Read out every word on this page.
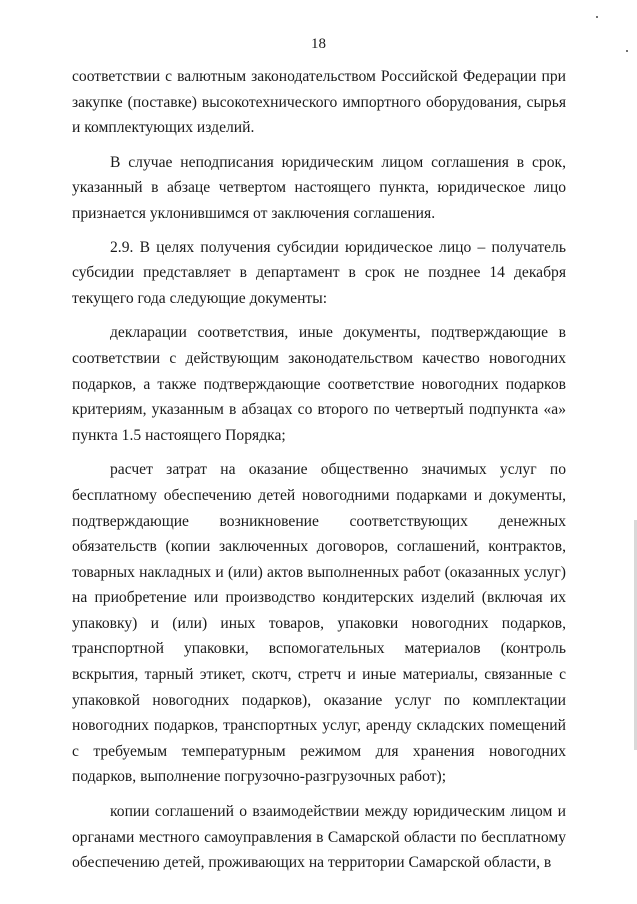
18

соответствии с валютным законодательством Российской Федерации при закупке (поставке) высокотехнического импортного оборудования, сырья и комплектующих изделий.

В случае неподписания юридическим лицом соглашения в срок, указанный в абзаце четвертом настоящего пункта, юридическое лицо признается уклонившимся от заключения соглашения.

2.9. В целях получения субсидии юридическое лицо – получатель субсидии представляет в департамент в срок не позднее 14 декабря текущего года следующие документы:

декларации соответствия, иные документы, подтверждающие в соответствии с действующим законодательством качество новогодних подарков, а также подтверждающие соответствие новогодних подарков критериям, указанным в абзацах со второго по четвертый подпункта «а» пункта 1.5 настоящего Порядка;

расчет затрат на оказание общественно значимых услуг по бесплатному обеспечению детей новогодними подарками и документы, подтверждающие возникновение соответствующих денежных обязательств (копии заключенных договоров, соглашений, контрактов, товарных накладных и (или) актов выполненных работ (оказанных услуг) на приобретение или производство кондитерских изделий (включая их упаковку) и (или) иных товаров, упаковки новогодних подарков, транспортной упаковки, вспомогательных материалов (контроль вскрытия, тарный этикет, скотч, стретч и иные материалы, связанные с упаковкой новогодних подарков), оказание услуг по комплектации новогодних подарков, транспортных услуг, аренду складских помещений с требуемым температурным режимом для хранения новогодних подарков, выполнение погрузочно-разгрузочных работ);

копии соглашений о взаимодействии между юридическим лицом и органами местного самоуправления в Самарской области по бесплатному обеспечению детей, проживающих на территории Самарской области, в
